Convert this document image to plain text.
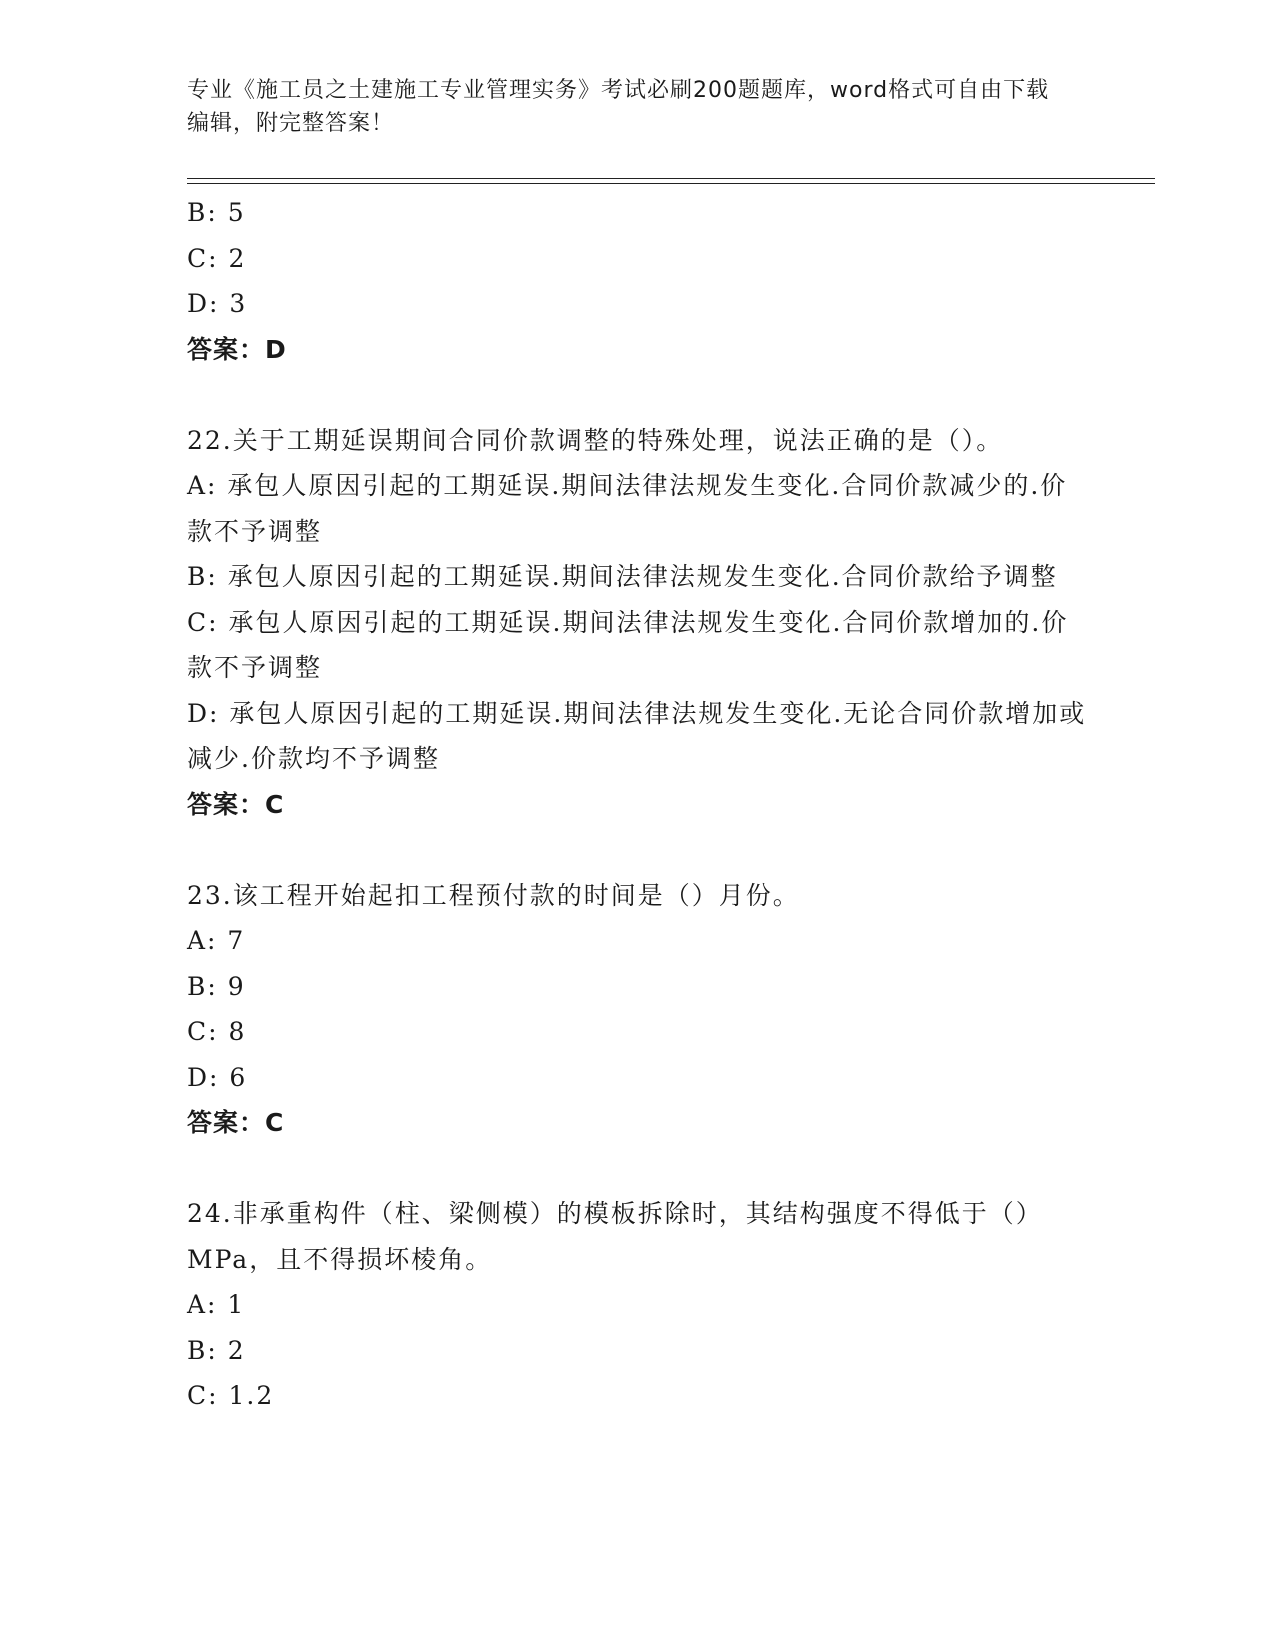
专业《施工员之土建施工专业管理实务》考试必刷200题题库，word格式可自由下载编辑，附完整答案！
B: 5
C: 2
D: 3
答案：D
22.关于工期延误期间合同价款调整的特殊处理，说法正确的是（）。
A: 承包人原因引起的工期延误.期间法律法规发生变化.合同价款减少的.价款不予调整
B: 承包人原因引起的工期延误.期间法律法规发生变化.合同价款给予调整
C: 承包人原因引起的工期延误.期间法律法规发生变化.合同价款增加的.价款不予调整
D: 承包人原因引起的工期延误.期间法律法规发生变化.无论合同价款增加或减少.价款均不予调整
答案：C
23.该工程开始起扣工程预付款的时间是（）月份。
A: 7
B: 9
C: 8
D: 6
答案：C
24.非承重构件（柱、梁侧模）的模板拆除时，其结构强度不得低于（）MPa，且不得损坏棱角。
A: 1
B: 2
C: 1.2
